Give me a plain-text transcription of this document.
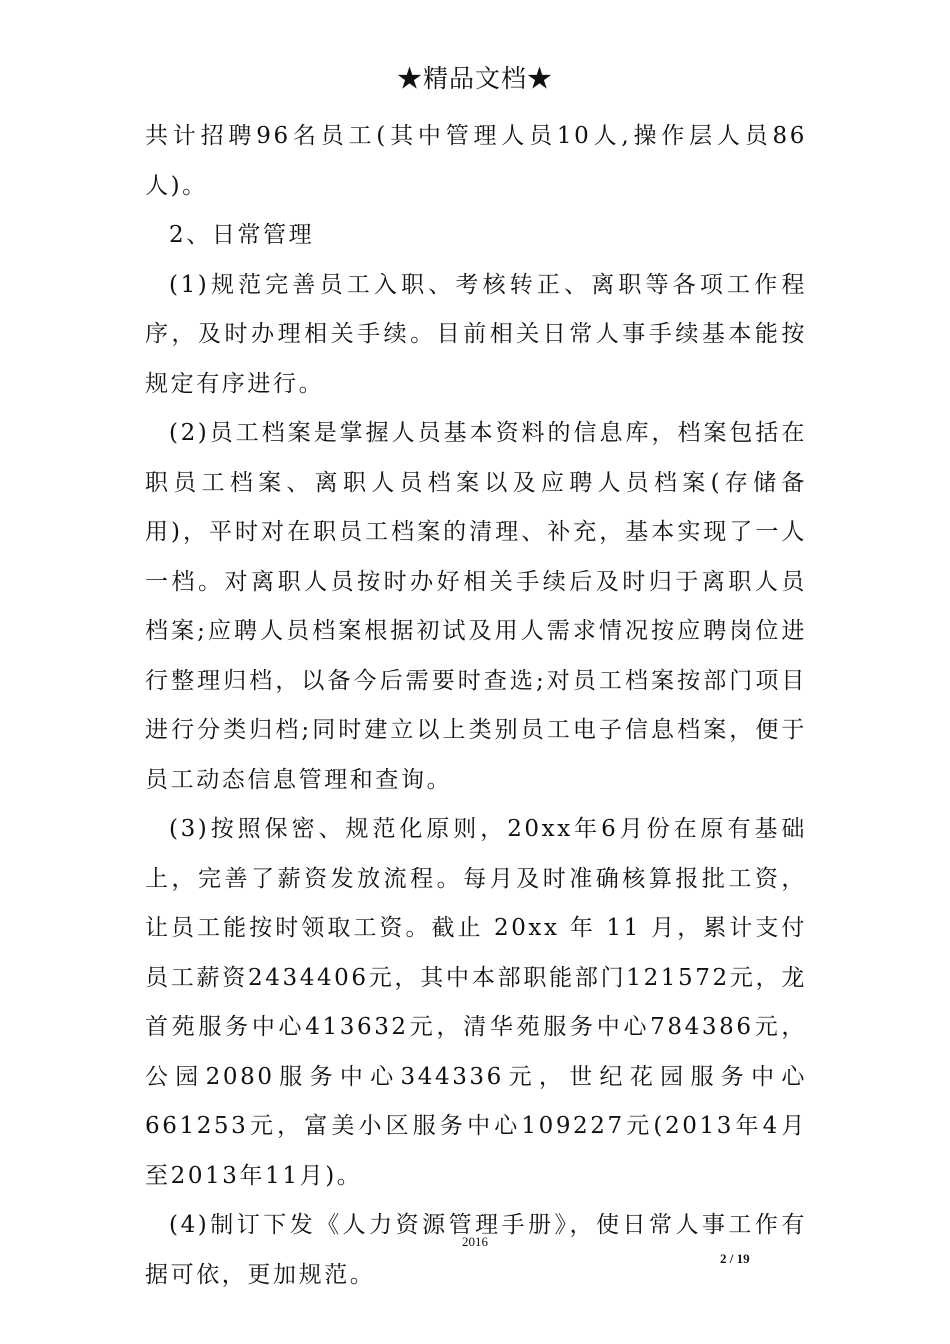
★精品文档★

共计招聘96名员工(其中管理人员10人,操作层人员86人)。

2、日常管理

(1)规范完善员工入职、考核转正、离职等各项工作程序，及时办理相关手续。目前相关日常人事手续基本能按规定有序进行。

(2)员工档案是掌握人员基本资料的信息库，档案包括在职员工档案、离职人员档案以及应聘人员档案(存储备用)，平时对在职员工档案的清理、补充，基本实现了一人一档。对离职人员按时办好相关手续后及时归于离职人员档案;应聘人员档案根据初试及用人需求情况按应聘岗位进行整理归档，以备今后需要时查选;对员工档案按部门项目进行分类归档;同时建立以上类别员工电子信息档案，便于员工动态信息管理和查询。

(3)按照保密、规范化原则，20xx年6月份在原有基础上，完善了薪资发放流程。每月及时准确核算报批工资，让员工能按时领取工资。截止 20xx 年 11 月，累计支付员工薪资2434406元，其中本部职能部门121572元，龙首苑服务中心413632元，清华苑服务中心784386元，公园2080服务中心344336元，世纪花园服务中心661253元，富美小区服务中心109227元(2013年4月至2013年11月)。

(4)制订下发《人力资源管理手册》，使日常人事工作有据可依，更加规范。

2016
2 / 19
